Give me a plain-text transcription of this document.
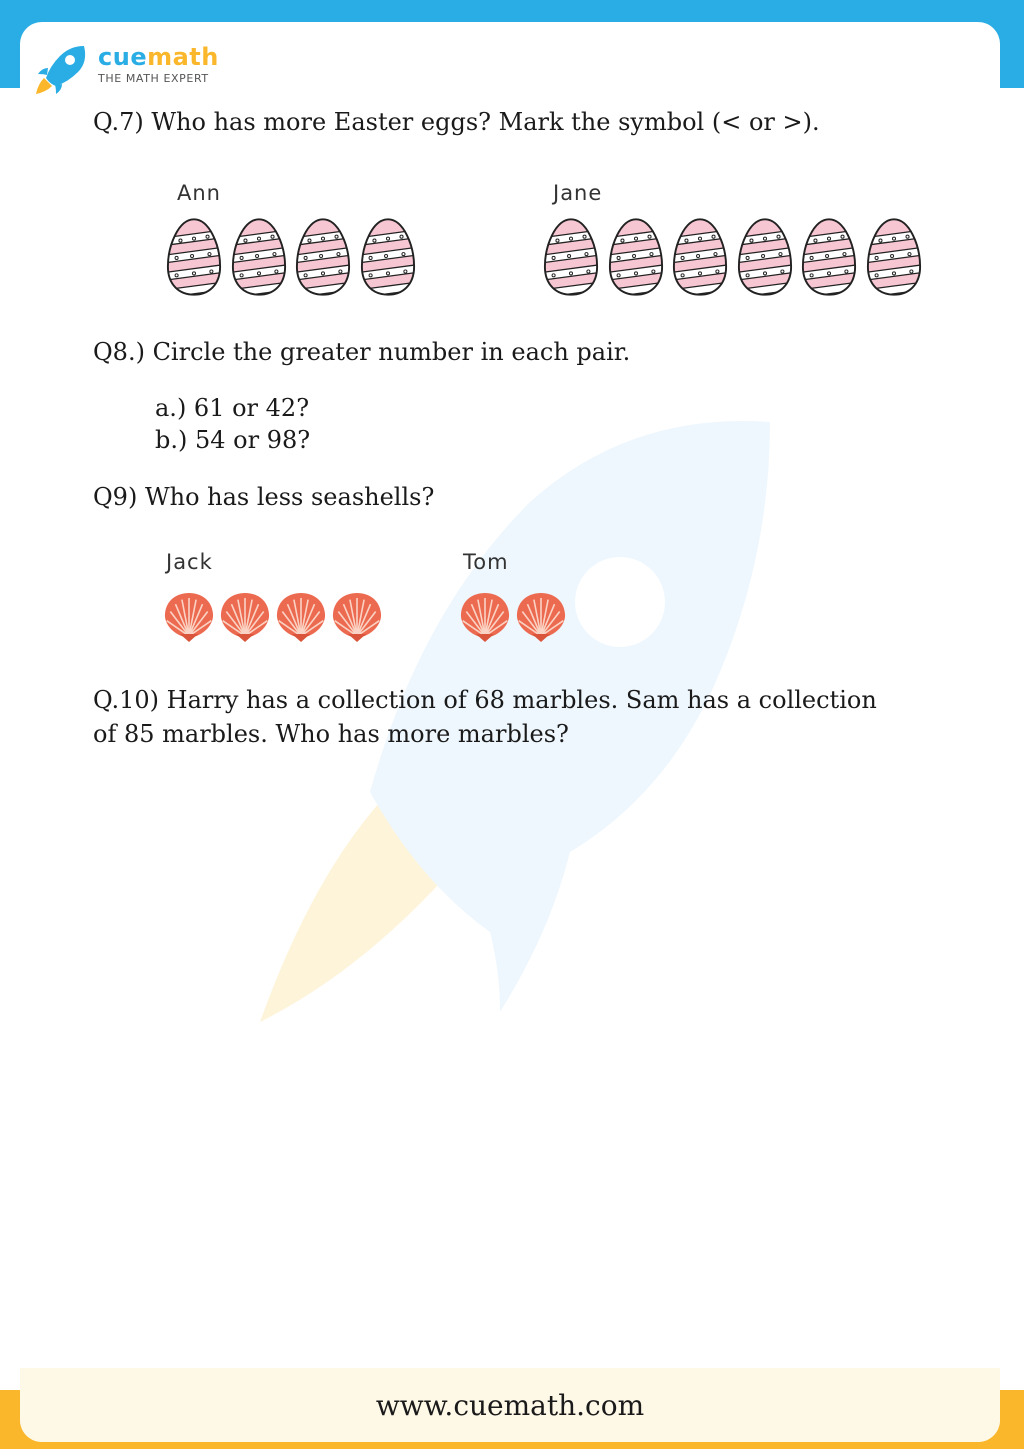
cuemath
THE MATH EXPERT
Q.7) Who has more Easter eggs? Mark the symbol (< or >).
Ann	Jane
Q8.) Circle the greater number in each pair.
a.) 61 or 42?
b.) 54 or 98?
Q9) Who has less seashells?
Jack	Tom
Q.10) Harry has a collection of 68 marbles. Sam has a collection
of 85 marbles. Who has more marbles?
www.cuemath.com
